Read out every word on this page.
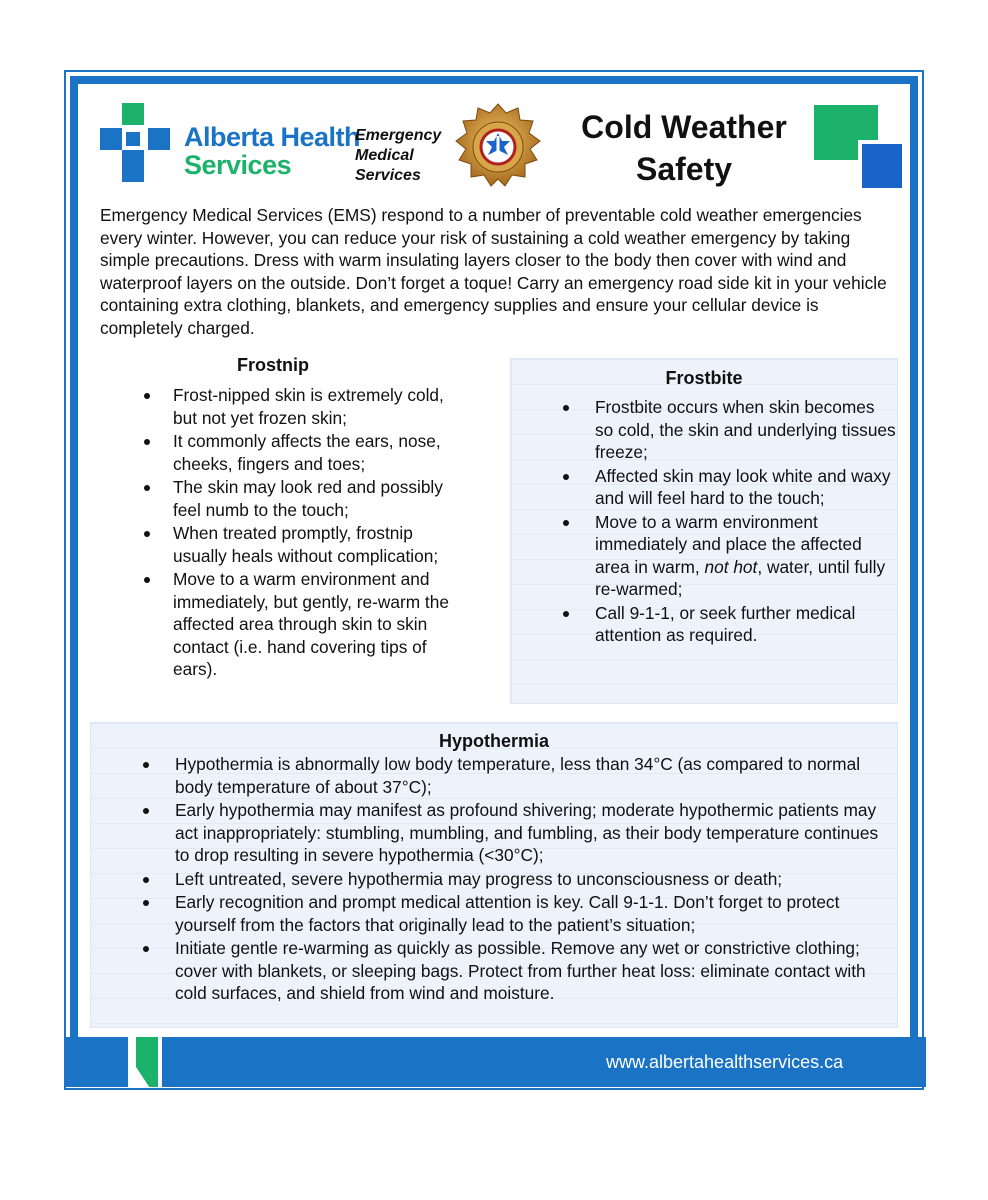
Alberta Health
Services
Emergency
Medical
Services
Cold Weather
Safety
Emergency Medical Services (EMS) respond to a number of preventable cold weather emergencies every winter. However, you can reduce your risk of sustaining a cold weather emergency by taking simple precautions. Dress with warm insulating layers closer to the body then cover with wind and waterproof layers on the outside. Don’t forget a toque! Carry an emergency road side kit in your vehicle containing extra clothing, blankets, and emergency supplies and ensure your cellular device is completely charged.
Frostnip
Frost-nipped skin is extremely cold, but not yet frozen skin;
It commonly affects the ears, nose, cheeks, fingers and toes;
The skin may look red and possibly feel numb to the touch;
When treated promptly, frostnip usually heals without complication;
Move to a warm environment and immediately, but gently, re-warm the affected area through skin to skin contact (i.e. hand covering tips of ears).
Frostbite
Frostbite occurs when skin becomes so cold, the skin and underlying tissues freeze;
Affected skin may look white and waxy and will feel hard to the touch;
Move to a warm environment immediately and place the affected area in warm, not hot, water, until fully re-warmed;
Call 9-1-1, or seek further medical attention as required.
Hypothermia
Hypothermia is abnormally low body temperature, less than 34°C (as compared to normal body temperature of about 37°C);
Early hypothermia may manifest as profound shivering; moderate hypothermic patients may act inappropriately: stumbling, mumbling, and fumbling, as their body temperature continues to drop resulting in severe hypothermia (<30°C);
Left untreated, severe hypothermia may progress to unconsciousness or death;
Early recognition and prompt medical attention is key. Call 9-1-1. Don’t forget to protect yourself from the factors that originally lead to the patient’s situation;
Initiate gentle re-warming as quickly as possible. Remove any wet or constrictive clothing; cover with blankets, or sleeping bags. Protect from further heat loss: eliminate contact with cold surfaces, and shield from wind and moisture.
www.albertahealthservices.ca
